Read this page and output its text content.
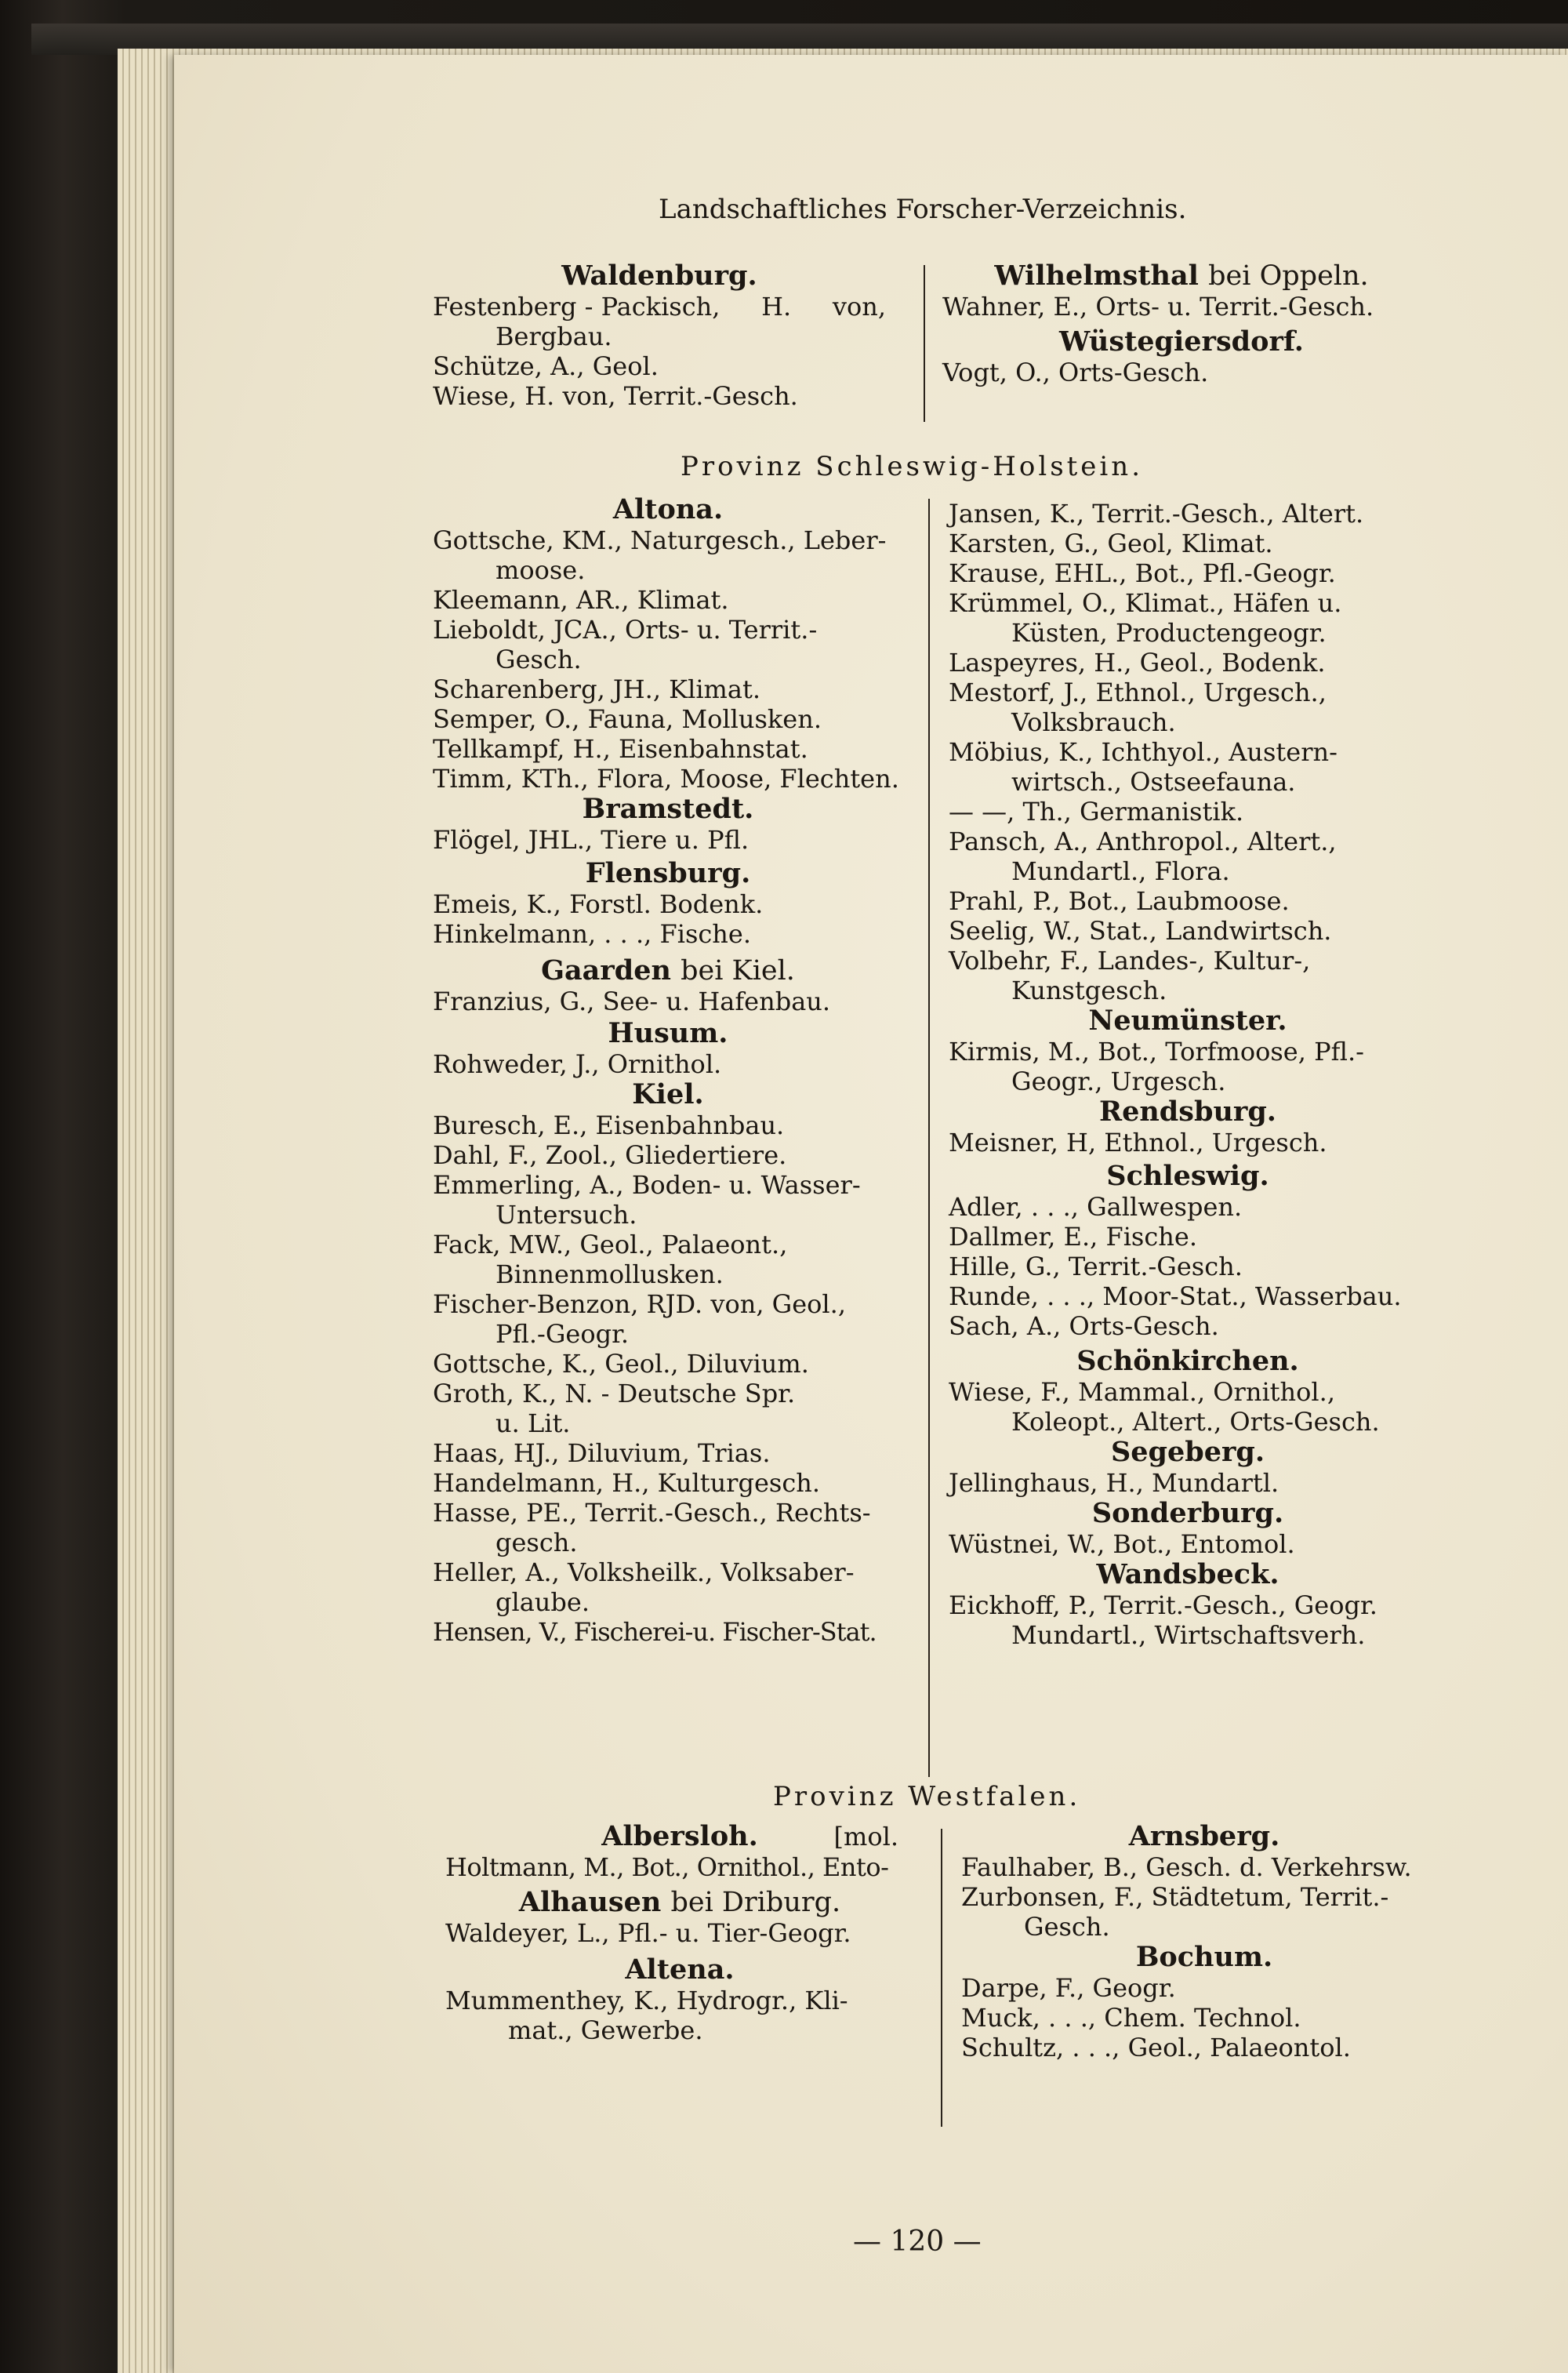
Landschaftliches Forscher-Verzeichnis.
Waldenburg.
Festenberg - Packisch, H. von,
Bergbau.
Schütze, A., Geol.
Wiese, H. von, Territ.-Gesch.
Wilhelmsthal bei Oppeln.
Wahner, E., Orts- u. Territ.-Gesch.
Wüstegiersdorf.
Vogt, O., Orts-Gesch.
Provinz Schleswig-Holstein.
Altona.
Gottsche, KM., Naturgesch., Leber-
moose.
Kleemann, AR., Klimat.
Lieboldt, JCA., Orts- u. Territ.-
Gesch.
Scharenberg, JH., Klimat.
Semper, O., Fauna, Mollusken.
Tellkampf, H., Eisenbahnstat.
Timm, KTh., Flora, Moose, Flechten.
Bramstedt.
Flögel, JHL., Tiere u. Pfl.
Flensburg.
Emeis, K., Forstl. Bodenk.
Hinkelmann, . . ., Fische.
Gaarden bei Kiel.
Franzius, G., See- u. Hafenbau.
Husum.
Rohweder, J., Ornithol.
Kiel.
Buresch, E., Eisenbahnbau.
Dahl, F., Zool., Gliedertiere.
Emmerling, A., Boden- u. Wasser-
Untersuch.
Fack, MW., Geol., Palaeont.,
Binnenmollusken.
Fischer-Benzon, RJD. von, Geol.,
Pfl.-Geogr.
Gottsche, K., Geol., Diluvium.
Groth, K., N. - Deutsche Spr.
u. Lit.
Haas, HJ., Diluvium, Trias.
Handelmann, H., Kulturgesch.
Hasse, PE., Territ.-Gesch., Rechts-
gesch.
Heller, A., Volksheilk., Volksaber-
glaube.
Hensen, V., Fischerei-u. Fischer-Stat.
Jansen, K., Territ.-Gesch., Altert.
Karsten, G., Geol, Klimat.
Krause, EHL., Bot., Pfl.-Geogr.
Krümmel, O., Klimat., Häfen u.
Küsten, Productengeogr.
Laspeyres, H., Geol., Bodenk.
Mestorf, J., Ethnol., Urgesch.,
Volksbrauch.
Möbius, K., Ichthyol., Austern-
wirtsch., Ostseefauna.
— —, Th., Germanistik.
Pansch, A., Anthropol., Altert.,
Mundartl., Flora.
Prahl, P., Bot., Laubmoose.
Seelig, W., Stat., Landwirtsch.
Volbehr, F., Landes-, Kultur-,
Kunstgesch.
Neumünster.
Kirmis, M., Bot., Torfmoose, Pfl.-
Geogr., Urgesch.
Rendsburg.
Meisner, H, Ethnol., Urgesch.
Schleswig.
Adler, . . ., Gallwespen.
Dallmer, E., Fische.
Hille, G., Territ.-Gesch.
Runde, . . ., Moor-Stat., Wasserbau.
Sach, A., Orts-Gesch.
Schönkirchen.
Wiese, F., Mammal., Ornithol.,
Koleopt., Altert., Orts-Gesch.
Segeberg.
Jellinghaus, H., Mundartl.
Sonderburg.
Wüstnei, W., Bot., Entomol.
Wandsbeck.
Eickhoff, P., Territ.-Gesch., Geogr.
Mundartl., Wirtschaftsverh.
Provinz Westfalen.
Albersloh.	[mol.
Holtmann, M., Bot., Ornithol., Ento-
Alhausen bei Driburg.
Waldeyer, L., Pfl.- u. Tier-Geogr.
Altena.
Mummenthey, K., Hydrogr., Kli-
mat., Gewerbe.
Arnsberg.
Faulhaber, B., Gesch. d. Verkehrsw.
Zurbonsen, F., Städtetum, Territ.-
Gesch.
Bochum.
Darpe, F., Geogr.
Muck, . . ., Chem. Technol.
Schultz, . . ., Geol., Palaeontol.
— 120 —
